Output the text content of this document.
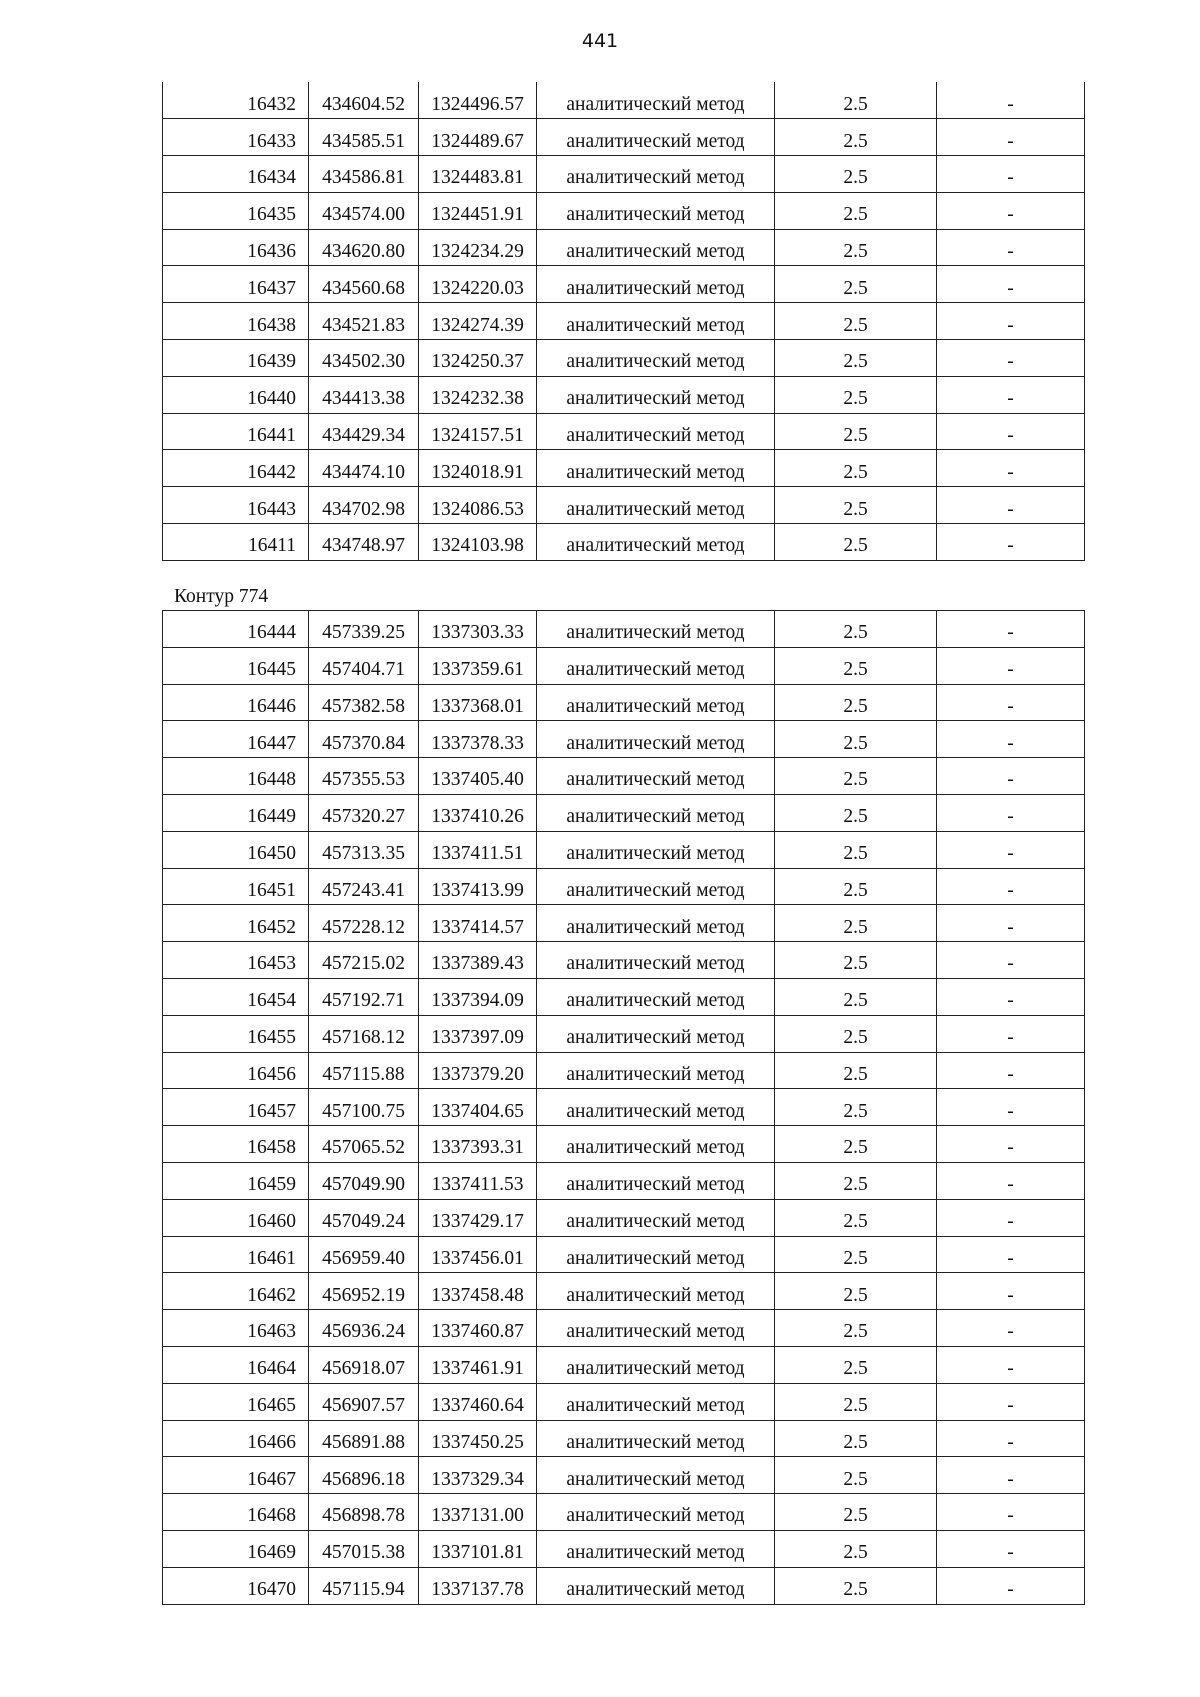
441
16432	434604.52	1324496.57	аналитический метод	2.5	-
16433	434585.51	1324489.67	аналитический метод	2.5	-
16434	434586.81	1324483.81	аналитический метод	2.5	-
16435	434574.00	1324451.91	аналитический метод	2.5	-
16436	434620.80	1324234.29	аналитический метод	2.5	-
16437	434560.68	1324220.03	аналитический метод	2.5	-
16438	434521.83	1324274.39	аналитический метод	2.5	-
16439	434502.30	1324250.37	аналитический метод	2.5	-
16440	434413.38	1324232.38	аналитический метод	2.5	-
16441	434429.34	1324157.51	аналитический метод	2.5	-
16442	434474.10	1324018.91	аналитический метод	2.5	-
16443	434702.98	1324086.53	аналитический метод	2.5	-
16411	434748.97	1324103.98	аналитический метод	2.5	-
Контур 774
16444	457339.25	1337303.33	аналитический метод	2.5	-
16445	457404.71	1337359.61	аналитический метод	2.5	-
16446	457382.58	1337368.01	аналитический метод	2.5	-
16447	457370.84	1337378.33	аналитический метод	2.5	-
16448	457355.53	1337405.40	аналитический метод	2.5	-
16449	457320.27	1337410.26	аналитический метод	2.5	-
16450	457313.35	1337411.51	аналитический метод	2.5	-
16451	457243.41	1337413.99	аналитический метод	2.5	-
16452	457228.12	1337414.57	аналитический метод	2.5	-
16453	457215.02	1337389.43	аналитический метод	2.5	-
16454	457192.71	1337394.09	аналитический метод	2.5	-
16455	457168.12	1337397.09	аналитический метод	2.5	-
16456	457115.88	1337379.20	аналитический метод	2.5	-
16457	457100.75	1337404.65	аналитический метод	2.5	-
16458	457065.52	1337393.31	аналитический метод	2.5	-
16459	457049.90	1337411.53	аналитический метод	2.5	-
16460	457049.24	1337429.17	аналитический метод	2.5	-
16461	456959.40	1337456.01	аналитический метод	2.5	-
16462	456952.19	1337458.48	аналитический метод	2.5	-
16463	456936.24	1337460.87	аналитический метод	2.5	-
16464	456918.07	1337461.91	аналитический метод	2.5	-
16465	456907.57	1337460.64	аналитический метод	2.5	-
16466	456891.88	1337450.25	аналитический метод	2.5	-
16467	456896.18	1337329.34	аналитический метод	2.5	-
16468	456898.78	1337131.00	аналитический метод	2.5	-
16469	457015.38	1337101.81	аналитический метод	2.5	-
16470	457115.94	1337137.78	аналитический метод	2.5	-
